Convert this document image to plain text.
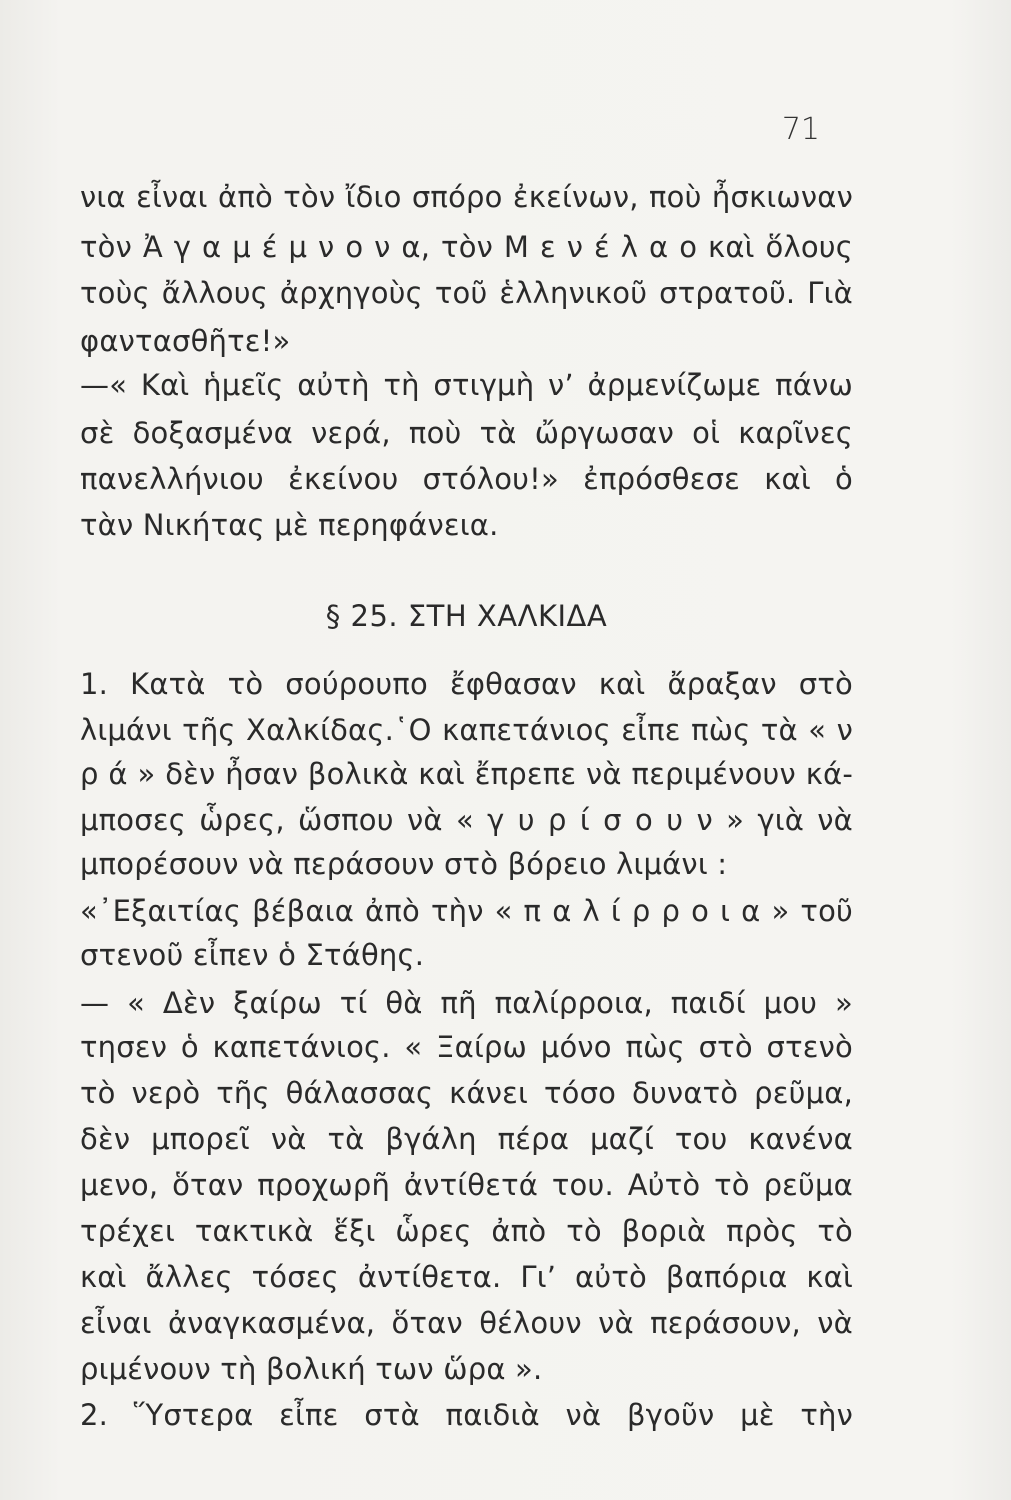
71
νια εἶναι ἀπὸ τὸν ἴδιο σπόρο ἐκείνων, ποὺ ἦσκιωναν
τὸν Ἀ γ α μ έ μ ν ο ν α, τὸν Μ ε ν έ λ α ο καὶ ὅλους
τοὺς ἄλλους ἀρχηγοὺς τοῦ ἑλληνικοῦ στρατοῦ. Γιὰ
φαντασθῆτε!»
—« Καὶ ἡμεῖς αὐτὴ τὴ στιγμὴ ν’ ἀρμενίζωμε πάνω
σὲ δοξασμένα νερά, ποὺ τὰ ὤργωσαν οἱ καρῖνες
πανελλήνιου ἐκείνου στόλου!» ἐπρόσθεσε καὶ ὁ
τὰν Νικήτας μὲ περηφάνεια.
§ 25. ΣΤΗ ΧΑΛΚΙΔΑ
1. Κατὰ τὸ σούρουπο ἔφθασαν καὶ ἄραξαν στὸ
λιμάνι τῆς Χαλκίδας.῾Ο καπετάνιος εἶπε πὼς τὰ « ν
ρ ά » δὲν ἦσαν βολικὰ καὶ ἔπρεπε νὰ περιμένουν κά-
μποσες ὧρες, ὥσπου νὰ « γ υ ρ ί σ ο υ ν » γιὰ νὰ
μπορέσουν νὰ περάσουν στὸ βόρειο λιμάνι :
«᾿Εξαιτίας βέβαια ἀπὸ τὴν « π α λ ί ρ ρ ο ι α » τοῦ
στενοῦ εἶπεν ὁ Στάθης.
— « Δὲν ξαίρω τί θὰ πῆ παλίρροια, παιδί μου »
τησεν ὁ καπετάνιος. « Ξαίρω μόνο πὼς στὸ στενὸ
τὸ νερὸ τῆς θάλασσας κάνει τόσο δυνατὸ ρεῦμα,
δὲν μπορεῖ νὰ τὰ βγάλη πέρα μαζί του κανένα
μενο, ὅταν προχωρῆ ἀντίθετά του. Αὐτὸ τὸ ρεῦμα
τρέχει τακτικὰ ἕξι ὧρες ἀπὸ τὸ βοριὰ πρὸς τὸ
καὶ ἄλλες τόσες ἀντίθετα. Γι’ αὐτὸ βαπόρια καὶ
εἶναι ἀναγκασμένα, ὅταν θέλουν νὰ περάσουν, νὰ
ριμένουν τὴ βολική των ὥρα ».
2. Ὕστερα εἶπε στὰ παιδιὰ νὰ βγοῦν μὲ τὴν
